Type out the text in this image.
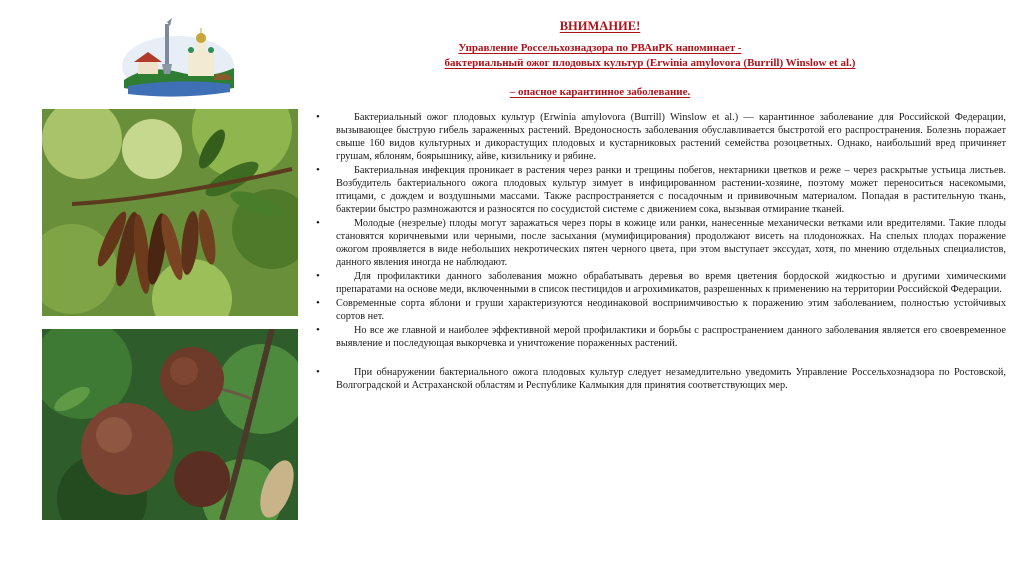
ВНИМАНИЕ!
Управление Россельхознадзора по РВАиРК напоминает -
бактериальный ожог плодовых культур (Erwinia amylovora (Burrill) Winslow et al.)
– опасное карантинное заболевание.
•	Бактериальный ожог плодовых культур (Erwinia amylovora (Burrill) Winslow et al.) — карантинное заболевание для Российской Федерации, вызывающее быструю гибель зараженных растений. Вредоносность заболевания обуславливается быстротой его распространения. Болезнь поражает свыше 160 видов культурных и дикорастущих плодовых и кустарниковых растений семейства розоцветных. Однако, наибольший вред причиняет грушам, яблоням, боярышнику, айве, кизильнику и рябине.
•	Бактериальная инфекция проникает в растения через ранки и трещины побегов, нектарники цветков и реже – через раскрытые устьица листьев. Возбудитель бактериального ожога плодовых культур зимует в инфицированном растении-хозяине, поэтому может переноситься насекомыми, птицами, с дождем и воздушными массами. Также распространяется с посадочным и прививочным материалом. Попадая в растительную ткань, бактерии быстро размножаются и разносятся по сосудистой системе с движением сока, вызывая отмирание тканей.
•	Молодые (незрелые) плоды могут заражаться через поры в кожице или ранки, нанесенные механически ветками или вредителями. Такие плоды становятся коричневыми или черными, после засыхания (мумифицирования) продолжают висеть на плодоножках. На спелых плодах поражение ожогом проявляется в виде небольших некротических пятен черного цвета, при этом выступает экссудат, хотя, по мнению отдельных специалистов, данного явления иногда не наблюдают.
•	Для профилактики данного заболевания можно обрабатывать деревья во время цветения бордоской жидкостью и другими химическими препаратами на основе меди, включенными в список пестицидов и агрохимикатов, разрешенных к применению на территории Российской Федерации.
• Современные сорта яблони и груши характеризуются неодинаковой восприимчивостью к поражению этим заболеванием, полностью устойчивых сортов нет.
•	Но все же главной и наиболее эффективной мерой профилактики и борьбы с распространением данного заболевания является его своевременное выявление и последующая выкорчевка и уничтожение пораженных растений.
•	При обнаружении бактериального ожога плодовых культур следует незамедлительно уведомить Управление Россельхознадзора по Ростовской, Волгоградской и Астраханской областям и Республике Калмыкия для принятия соответствующих мер.
